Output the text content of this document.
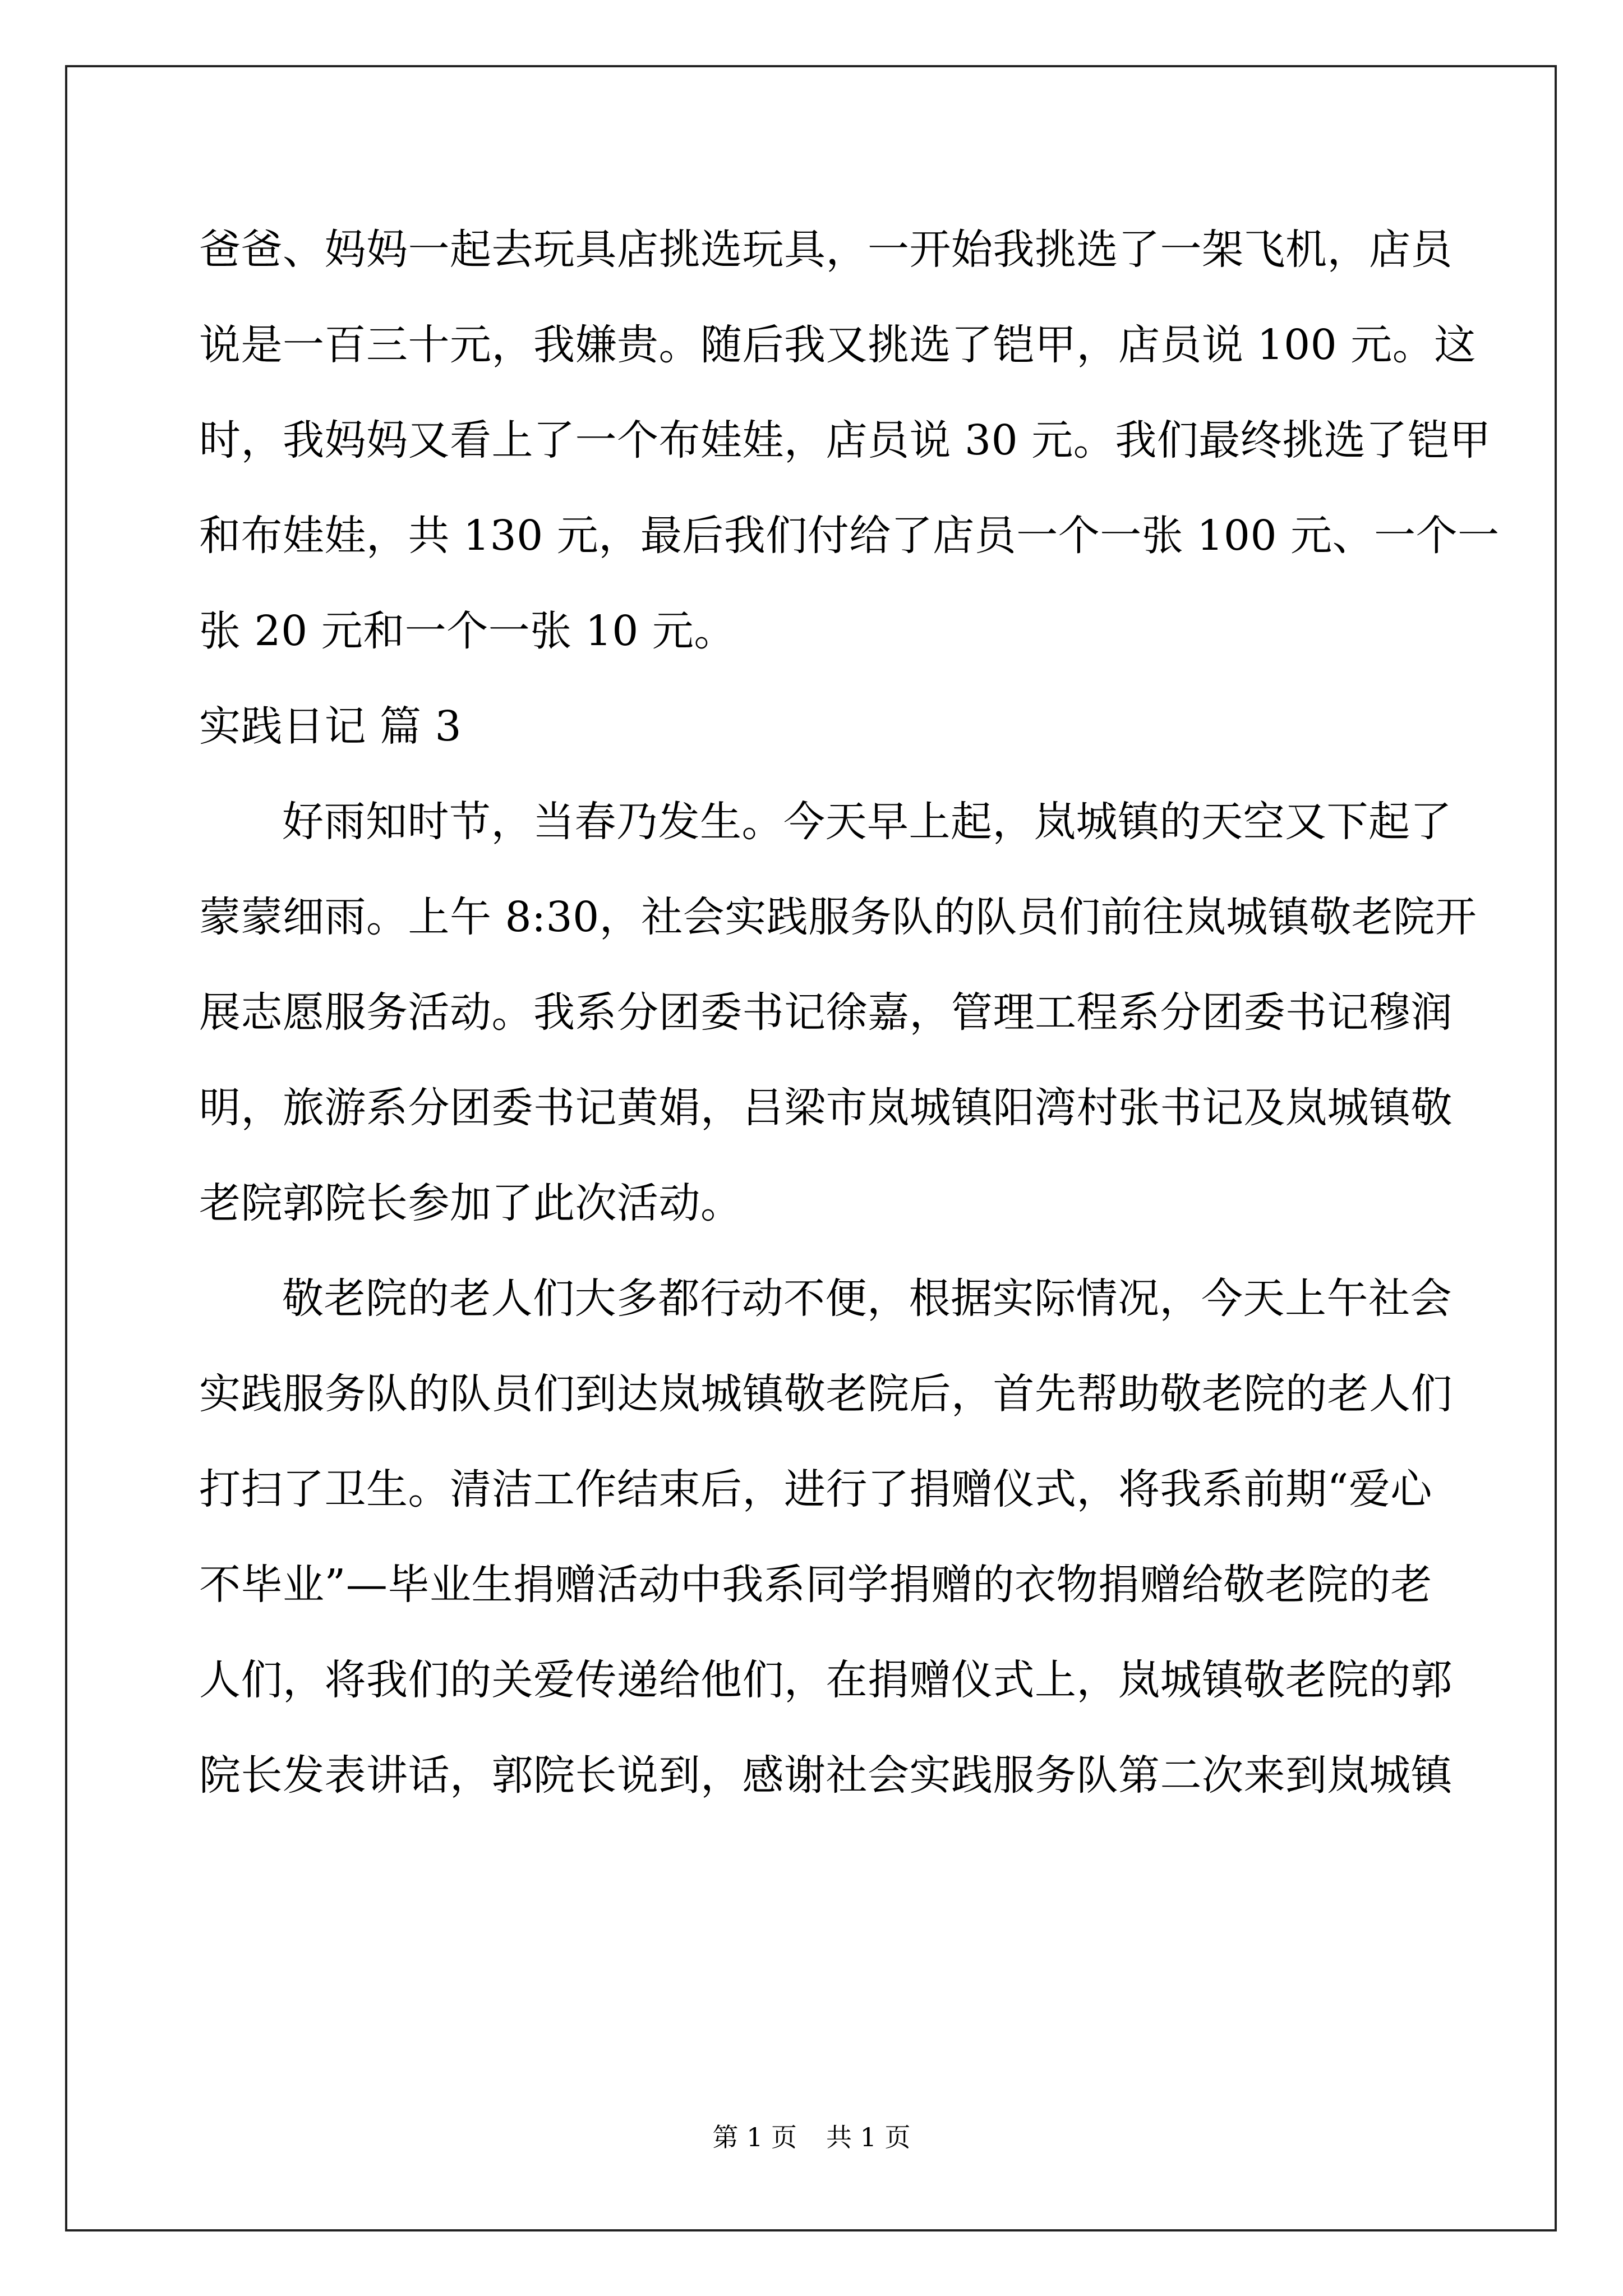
爸爸、妈妈一起去玩具店挑选玩具，一开始我挑选了一架飞机，店员
说是一百三十元，我嫌贵。随后我又挑选了铠甲，店员说 100 元。这
时，我妈妈又看上了一个布娃娃，店员说 30 元。我们最终挑选了铠甲
和布娃娃，共 130 元，最后我们付给了店员一个一张 100 元、一个一
张 20 元和一个一张 10 元。
实践日记 篇 3
好雨知时节，当春乃发生。今天早上起，岚城镇的天空又下起了
蒙蒙细雨。上午 8:30，社会实践服务队的队员们前往岚城镇敬老院开
展志愿服务活动。我系分团委书记徐嘉，管理工程系分团委书记穆润
明，旅游系分团委书记黄娟，吕梁市岚城镇阳湾村张书记及岚城镇敬
老院郭院长参加了此次活动。
敬老院的老人们大多都行动不便，根据实际情况，今天上午社会
实践服务队的队员们到达岚城镇敬老院后，首先帮助敬老院的老人们
打扫了卫生。清洁工作结束后，进行了捐赠仪式，将我系前期“爱心
不毕业”—毕业生捐赠活动中我系同学捐赠的衣物捐赠给敬老院的老
人们，将我们的关爱传递给他们，在捐赠仪式上，岚城镇敬老院的郭
院长发表讲话，郭院长说到，感谢社会实践服务队第二次来到岚城镇
第 1 页 共 1 页
